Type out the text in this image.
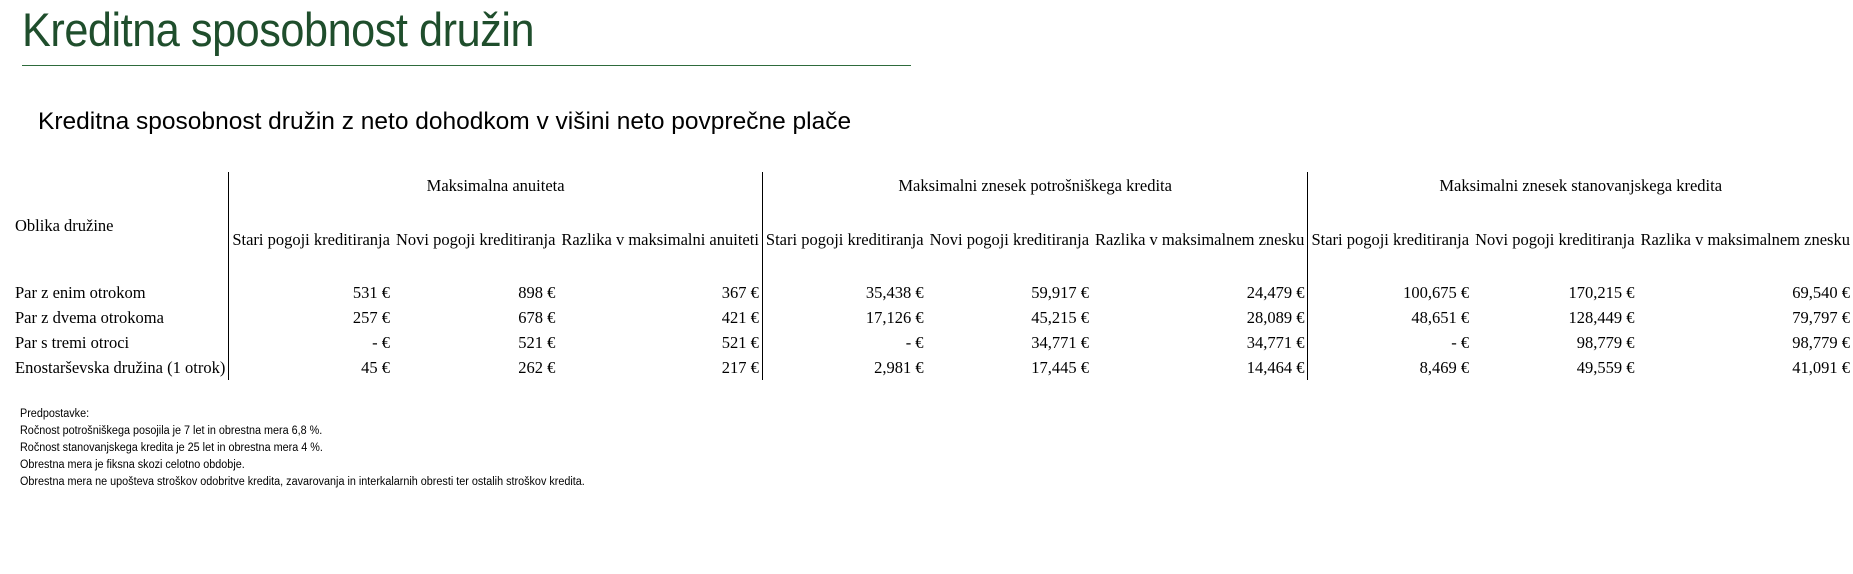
Kreditna sposobnost družin
Kreditna sposobnost družin z neto dohodkom v višini neto povprečne plače
Oblika družine	Maksimalna anuiteta			Maksimalni znesek potrošniškega kredita			Maksimalni znesek stanovanjskega kredita		
	Stari pogoji kreditiranja	Novi pogoji kreditiranja	Razlika v maksimalni anuiteti	Stari pogoji kreditiranja	Novi pogoji kreditiranja	Razlika v maksimalnem znesku	Stari pogoji kreditiranja	Novi pogoji kreditiranja	Razlika v maksimalnem znesku
Par z enim otrokom	531 €	898 €	367 €	35,438 €	59,917 €	24,479 €	100,675 €	170,215 €	69,540 €
Par z dvema otrokoma	257 €	678 €	421 €	17,126 €	45,215 €	28,089 €	48,651 €	128,449 €	79,797 €
Par s tremi otroci	- €	521 €	521 €	- €	34,771 €	34,771 €	- €	98,779 €	98,779 €
Enostarševska družina (1 otrok)	45 €	262 €	217 €	2,981 €	17,445 €	14,464 €	8,469 €	49,559 €	41,091 €
Predpostavke:
Ročnost potrošniškega posojila je 7 let in obrestna mera 6,8 %.
Ročnost stanovanjskega kredita je 25 let in obrestna mera 4 %.
Obrestna mera je fiksna skozi celotno obdobje.
Obrestna mera ne upošteva stroškov odobritve kredita, zavarovanja in interkalarnih obresti ter ostalih stroškov kredita.
